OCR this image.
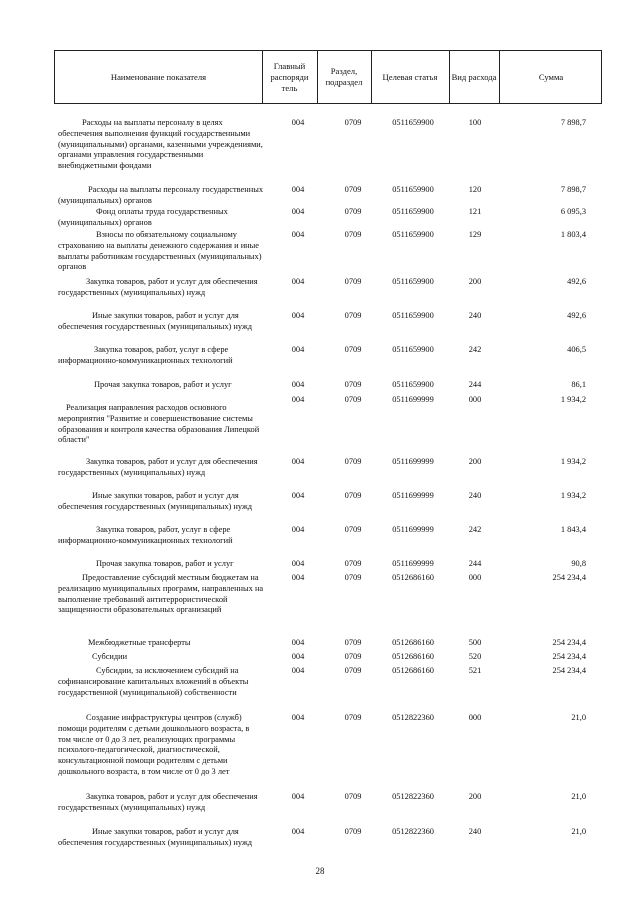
Наименование показателя
Главный распоряди тель
Раздел, подраздел
Целевая статья	Вид расхода	Сумма
Расходы на выплаты персоналу в целях обеспечения выполнения функций государственными (муниципальными) органами, казенными учреждениями, органами управления государственными внебюджетными фондами
004	0709	0511659900	100	7 898,7
Расходы на выплаты персоналу государственных (муниципальных) органов
004	0709	0511659900	120	7 898,7
Фонд оплаты труда государственных (муниципальных) органов
004	0709	0511659900	121	6 095,3
Взносы по обязательному социальному страхованию на выплаты денежного содержания и иные выплаты работникам государственных (муниципальных) органов
004	0709	0511659900	129	1 803,4
Закупка товаров, работ и услуг для обеспечения государственных (муниципальных) нужд
004	0709	0511659900	200	492,6
Иные закупки товаров, работ и услуг для обеспечения государственных (муниципальных) нужд
004	0709	0511659900	240	492,6
Закупка товаров, работ, услуг в сфере информационно-коммуникационных технологий
004	0709	0511659900	242	406,5
Прочая закупка товаров, работ и услуг	004	0709	0511659900	244	86,1
Реализация направления расходов основного мероприятия "Развитие и совершенствование системы образования и контроля качества образования Липецкой области"
004	0709	0511699999	000	1 934,2
Закупка товаров, работ и услуг для обеспечения государственных (муниципальных) нужд
004	0709	0511699999	200	1 934,2
Иные закупки товаров, работ и услуг для обеспечения государственных (муниципальных) нужд
004	0709	0511699999	240	1 934,2
Закупка товаров, работ, услуг в сфере информационно-коммуникационных технологий
004	0709	0511699999	242	1 843,4
Прочая закупка товаров, работ и услуг	004	0709	0511699999	244	90,8
Предоставление субсидий местным бюджетам на реализацию муниципальных программ, направленных на выполнение требований антитеррористической защищенности образовательных организаций
004	0709	0512686160	000	254 234,4
Межбюджетные трансферты	004	0709	0512686160	500	254 234,4
Субсидии	004	0709	0512686160	520	254 234,4
Субсидии, за исключением субсидий на софинансирование капитальных вложений в объекты государственной (муниципальной) собственности
004	0709	0512686160	521	254 234,4
Создание инфраструктуры центров (служб) помощи родителям с детьми дошкольного возраста, в том числе от 0 до 3 лет, реализующих программы психолого-педагогической, диагностической, консультационной помощи родителям с детьми дошкольного возраста, в том числе от 0 до 3 лет
004	0709	0512822360	000	21,0
Закупка товаров, работ и услуг для обеспечения государственных (муниципальных) нужд
004	0709	0512822360	200	21,0
Иные закупки товаров, работ и услуг для обеспечения государственных (муниципальных) нужд
004	0709	0512822360	240	21,0
28
